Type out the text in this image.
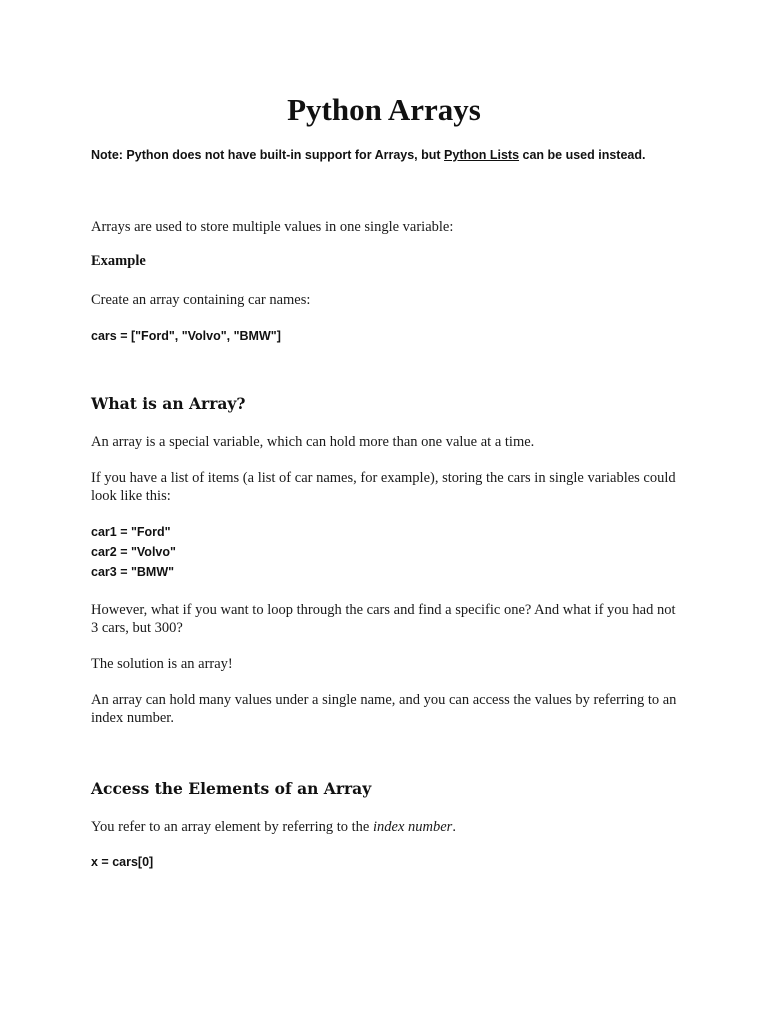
Python Arrays
Note: Python does not have built-in support for Arrays, but Python Lists can be used instead.
Arrays are used to store multiple values in one single variable:
Example
Create an array containing car names:
cars = ["Ford", "Volvo", "BMW"]
What is an Array?
An array is a special variable, which can hold more than one value at a time.
If you have a list of items (a list of car names, for example), storing the cars in single variables could look like this:
car1 = "Ford"
car2 = "Volvo"
car3 = "BMW"
However, what if you want to loop through the cars and find a specific one? And what if you had not 3 cars, but 300?
The solution is an array!
An array can hold many values under a single name, and you can access the values by referring to an index number.
Access the Elements of an Array
You refer to an array element by referring to the index number.
x = cars[0]
